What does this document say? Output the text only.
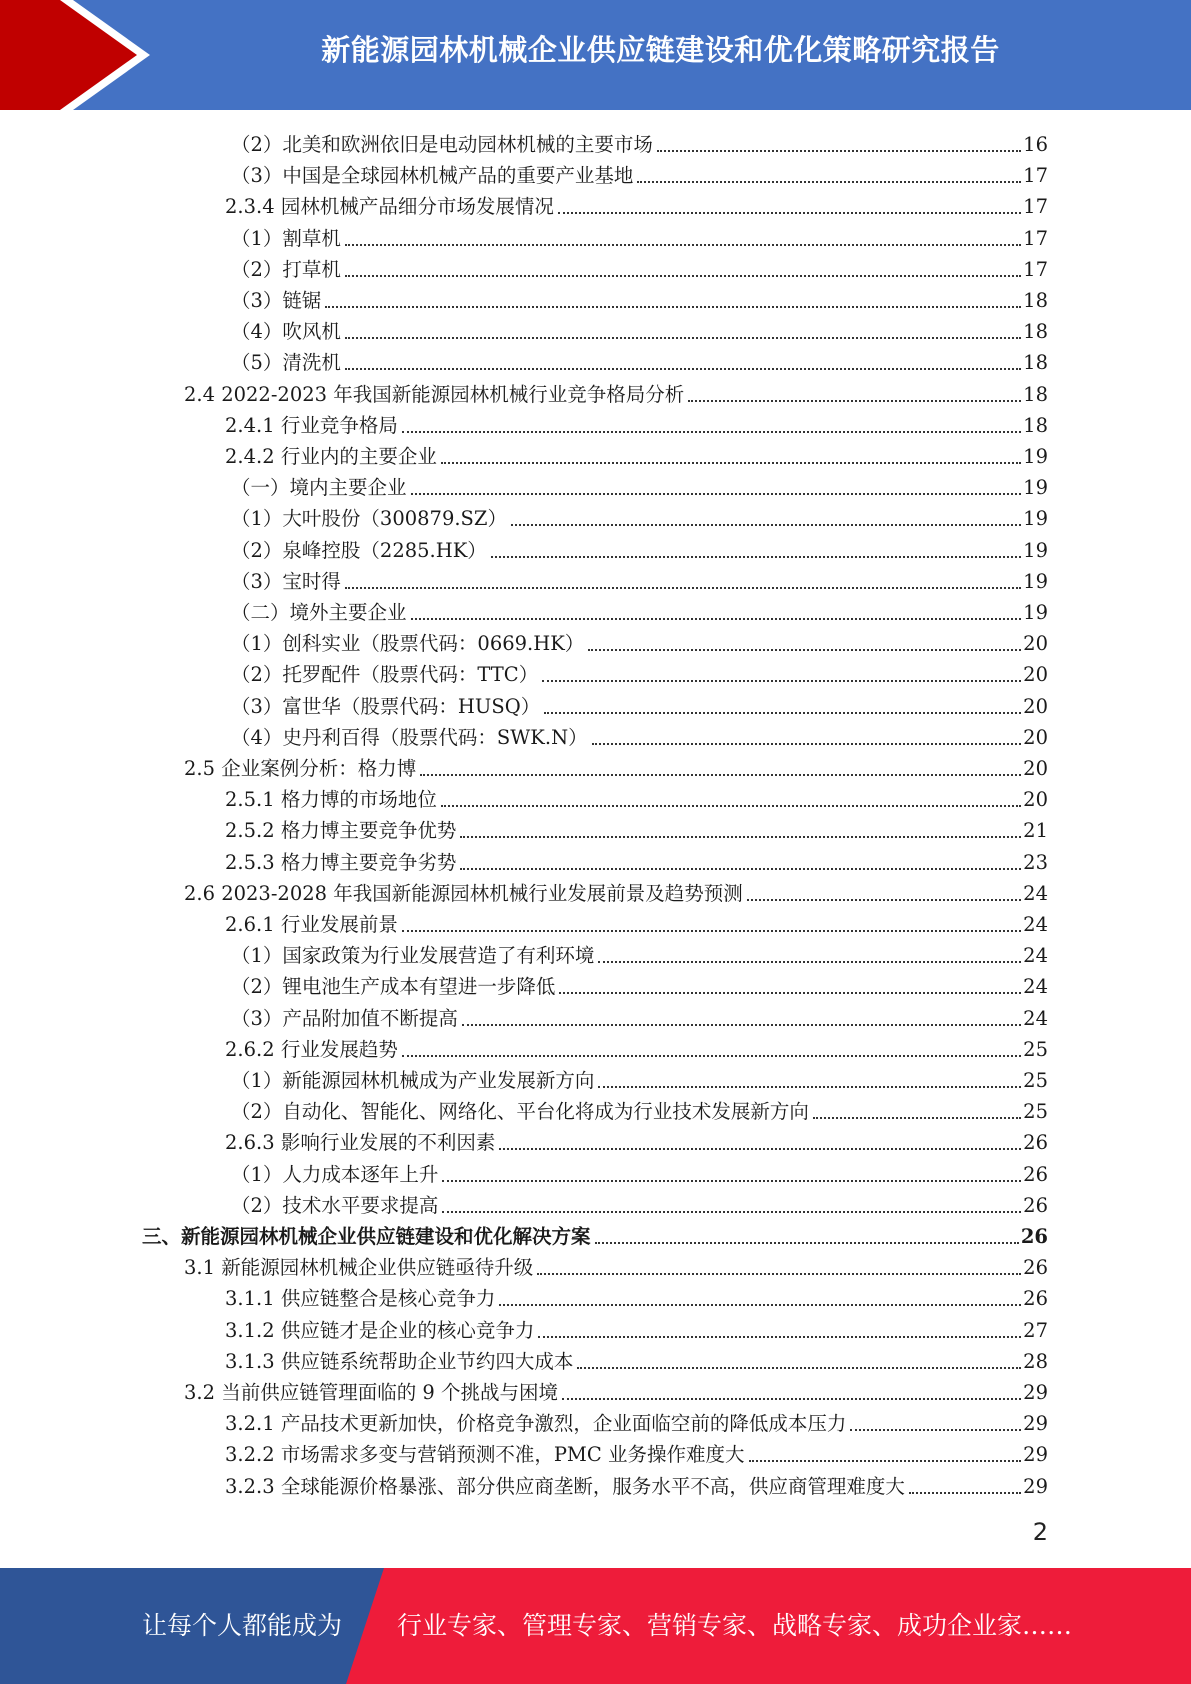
新能源园林机械企业供应链建设和优化策略研究报告
（2）北美和欧洲依旧是电动园林机械的主要市场	16
（3）中国是全球园林机械产品的重要产业基地	17
2.3.4 园林机械产品细分市场发展情况	17
（1）割草机	17
（2）打草机	17
（3）链锯	18
（4）吹风机	18
（5）清洗机	18
2.4 2022-2023 年我国新能源园林机械行业竞争格局分析	18
2.4.1 行业竞争格局	18
2.4.2 行业内的主要企业	19
（一）境内主要企业	19
（1）大叶股份（300879.SZ）	19
（2）泉峰控股（2285.HK）	19
（3）宝时得	19
（二）境外主要企业	19
（1）创科实业（股票代码：0669.HK）	20
（2）托罗配件（股票代码：TTC）	20
（3）富世华（股票代码：HUSQ）	20
（4）史丹利百得（股票代码：SWK.N）	20
2.5 企业案例分析：格力博	20
2.5.1 格力博的市场地位	20
2.5.2 格力博主要竞争优势	21
2.5.3 格力博主要竞争劣势	23
2.6 2023-2028 年我国新能源园林机械行业发展前景及趋势预测	24
2.6.1 行业发展前景	24
（1）国家政策为行业发展营造了有利环境	24
（2）锂电池生产成本有望进一步降低	24
（3）产品附加值不断提高	24
2.6.2 行业发展趋势	25
（1）新能源园林机械成为产业发展新方向	25
（2）自动化、智能化、网络化、平台化将成为行业技术发展新方向	25
2.6.3 影响行业发展的不利因素	26
（1）人力成本逐年上升	26
（2）技术水平要求提高	26
三、新能源园林机械企业供应链建设和优化解决方案	26
3.1 新能源园林机械企业供应链亟待升级	26
3.1.1 供应链整合是核心竞争力	26
3.1.2 供应链才是企业的核心竞争力	27
3.1.3 供应链系统帮助企业节约四大成本	28
3.2 当前供应链管理面临的 9 个挑战与困境	29
3.2.1 产品技术更新加快，价格竞争激烈，企业面临空前的降低成本压力	29
3.2.2 市场需求多变与营销预测不准，PMC 业务操作难度大	29
3.2.3 全球能源价格暴涨、部分供应商垄断，服务水平不高，供应商管理难度大	29
2
让每个人都能成为 行业专家、管理专家、营销专家、战略专家、成功企业家……
